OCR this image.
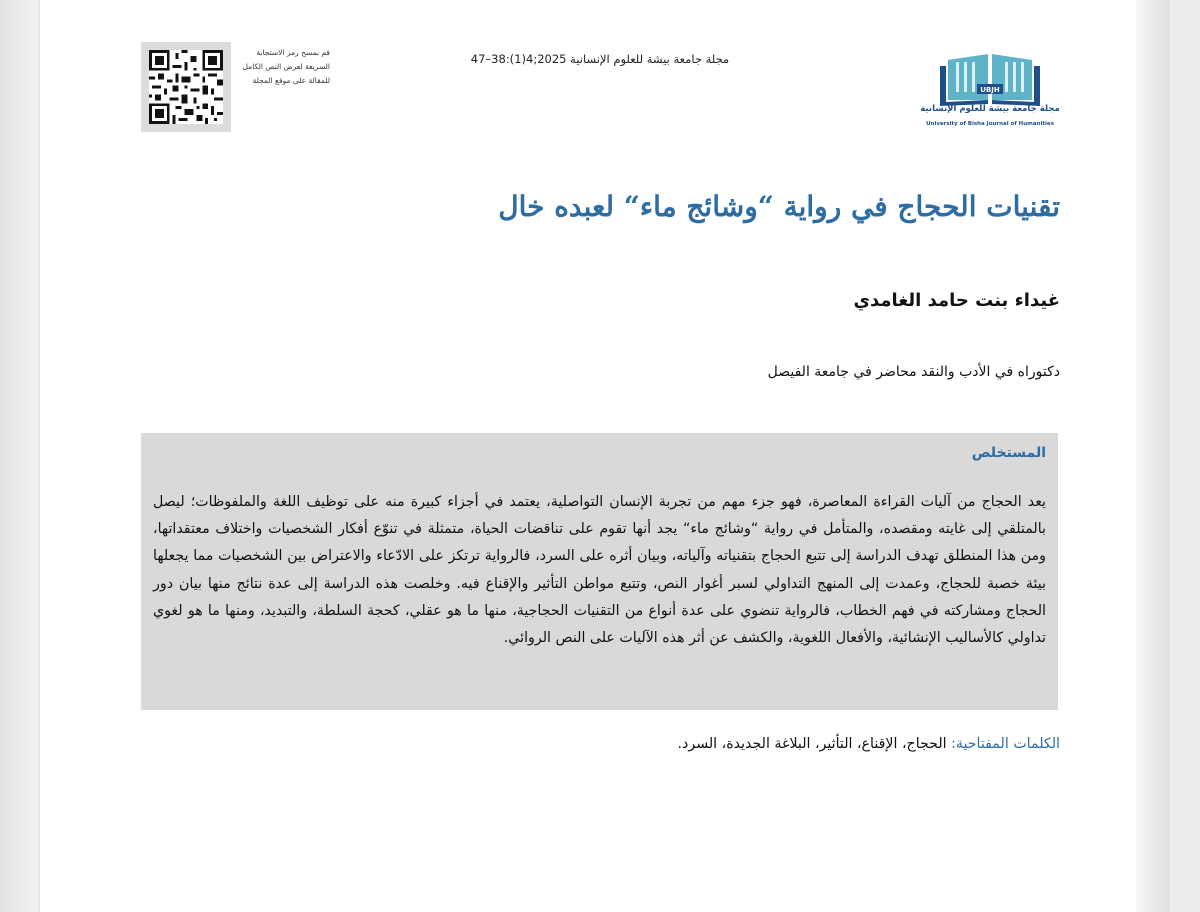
UBJH
مجلة جامعة بيشة للعلوم الإنسانية
University of Bisha Journal of Humanities
مجلة جامعة بيشة للعلوم الإنسانية 2025;4(1):38–47
قم بمسح رمز الاستجابة السريعة لعرض النص الكامل للمقالة على موقع المجلة
تقنيات الحجاج في رواية “وشائج ماء“ لعبده خال
غيداء بنت حامد الغامدي
دكتوراه في الأدب والنقد محاضر في جامعة الفيصل
المستخلص
يعد الحجاج من آليات القراءة المعاصرة، فهو جزء مهم من تجربة الإنسان التواصلية، يعتمد في أجزاء كبيرة منه على توظيف اللغة والملفوظات؛ ليصل بالمتلقي إلى غايته ومقصده، والمتأمل في رواية “وشائج ماء“ يجد أنها تقوم على تناقضات الحياة، متمثلة في تنوّع أفكار الشخصيات واختلاف معتقداتها، ومن هذا المنطلق تهدف الدراسة إلى تتبع الحجاج بتقنياته وآلياته، وبيان أثره على السرد، فالرواية ترتكز على الادّعاء والاعتراض بين الشخصيات مما يجعلها بيئة خصبة للحجاج، وعمدت إلى المنهج التداولي لسبر أغوار النص، وتتبع مواطن التأثير والإقناع فيه. وخلصت هذه الدراسة إلى عدة نتائج منها بيان دور الحجاج ومشاركته في فهم الخطاب، فالرواية تنضوي على عدة أنواع من التقنيات الحجاجية، منها ما هو عقلي، كحجة السلطة، والتبديد، ومنها ما هو لغوي تداولي كالأساليب الإنشائية، والأفعال اللغوية، والكشف عن أثر هذه الآليات على النص الروائي.
الكلمات المفتاحية: الحجاج، الإقناع، التأثير، البلاغة الجديدة، السرد.
